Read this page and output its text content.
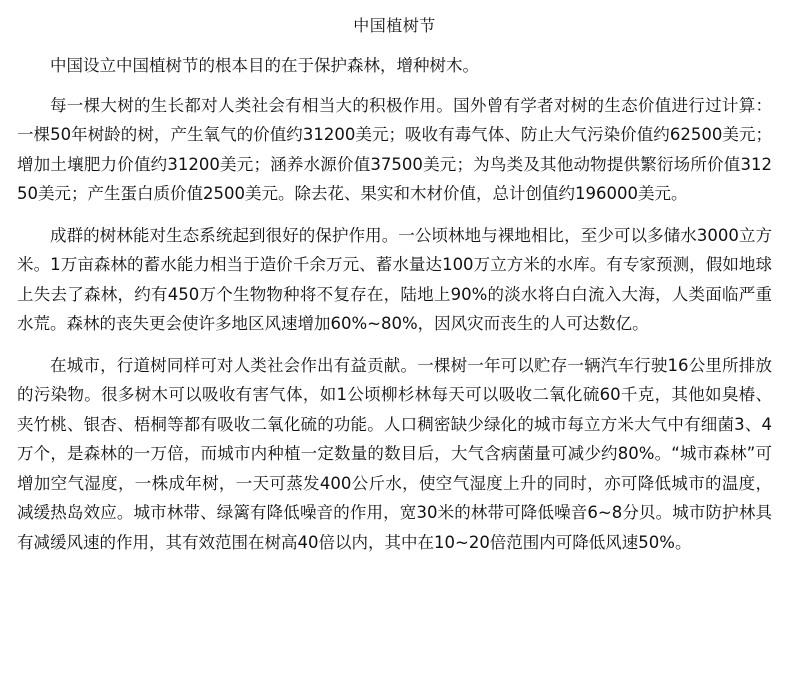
中国植树节

中国设立中国植树节的根本目的在于保护森林，增种树木。

每一棵大树的生长都对人类社会有相当大的积极作用。国外曾有学者对树的生态价值进行过计算：一棵50年树龄的树，产生氧气的价值约31200美元；吸收有毒气体、防止大气污染价值约62500美元；增加土壤肥力价值约31200美元；涵养水源价值37500美元；为鸟类及其他动物提供繁衍场所价值31250美元；产生蛋白质价值2500美元。除去花、果实和木材价值，总计创值约196000美元。

成群的树林能对生态系统起到很好的保护作用。一公顷林地与裸地相比，至少可以多储水3000立方米。1万亩森林的蓄水能力相当于造价千余万元、蓄水量达100万立方米的水库。有专家预测，假如地球上失去了森林，约有450万个生物物种将不复存在，陆地上90%的淡水将白白流入大海，人类面临严重水荒。森林的丧失更会使许多地区风速增加60%~80%，因风灾而丧生的人可达数亿。

在城市，行道树同样可对人类社会作出有益贡献。一棵树一年可以贮存一辆汽车行驶16公里所排放的污染物。很多树木可以吸收有害气体，如1公顷柳杉林每天可以吸收二氧化硫60千克，其他如臭椿、夹竹桃、银杏、梧桐等都有吸收二氧化硫的功能。人口稠密缺少绿化的城市每立方米大气中有细菌3、4万个，是森林的一万倍，而城市内种植一定数量的数目后，大气含病菌量可减少约80%。“城市森林”可增加空气湿度，一株成年树，一天可蒸发400公斤水，使空气湿度上升的同时，亦可降低城市的温度，减缓热岛效应。城市林带、绿篱有降低噪音的作用，宽30米的林带可降低噪音6~8分贝。城市防护林具有减缓风速的作用，其有效范围在树高40倍以内，其中在10~20倍范围内可降低风速50%。
